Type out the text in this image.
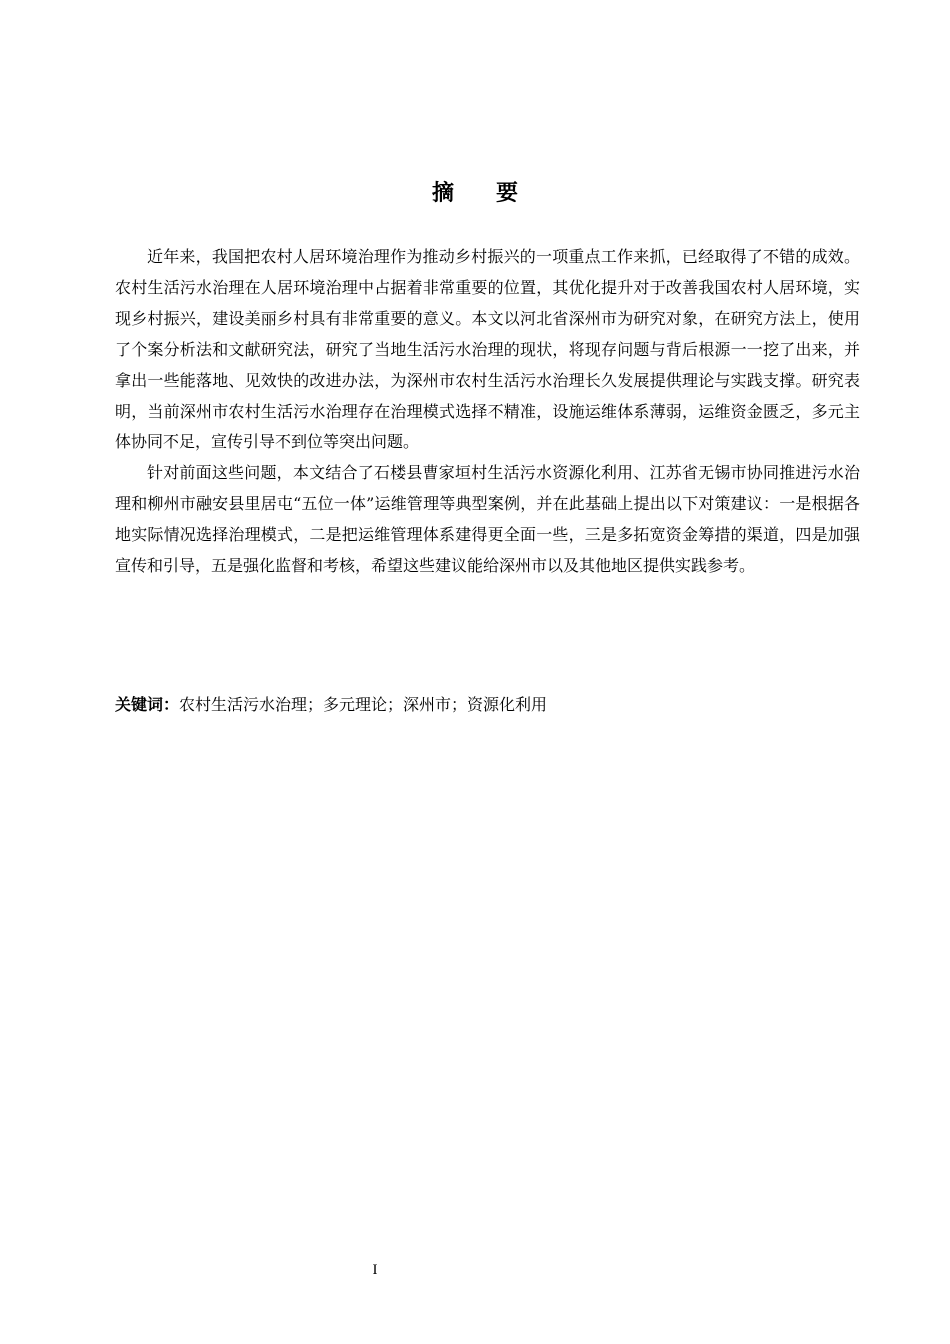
摘 要

近年来，我国把农村人居环境治理作为推动乡村振兴的一项重点工作来抓，已经取得了不错的成效。农村生活污水治理在人居环境治理中占据着非常重要的位置，其优化提升对于改善我国农村人居环境，实现乡村振兴，建设美丽乡村具有非常重要的意义。本文以河北省深州市为研究对象，在研究方法上，使用了个案分析法和文献研究法，研究了当地生活污水治理的现状，将现存问题与背后根源一一挖了出来，并拿出一些能落地、见效快的改进办法，为深州市农村生活污水治理长久发展提供理论与实践支撑。研究表明，当前深州市农村生活污水治理存在治理模式选择不精准，设施运维体系薄弱，运维资金匮乏，多元主体协同不足，宣传引导不到位等突出问题。

针对前面这些问题，本文结合了石楼县曹家垣村生活污水资源化利用、江苏省无锡市协同推进污水治理和柳州市融安县里居屯“五位一体”运维管理等典型案例，并在此基础上提出以下对策建议：一是根据各地实际情况选择治理模式，二是把运维管理体系建得更全面一些，三是多拓宽资金筹措的渠道，四是加强宣传和引导，五是强化监督和考核，希望这些建议能给深州市以及其他地区提供实践参考。

关键词：农村生活污水治理；多元理论；深州市；资源化利用
I
